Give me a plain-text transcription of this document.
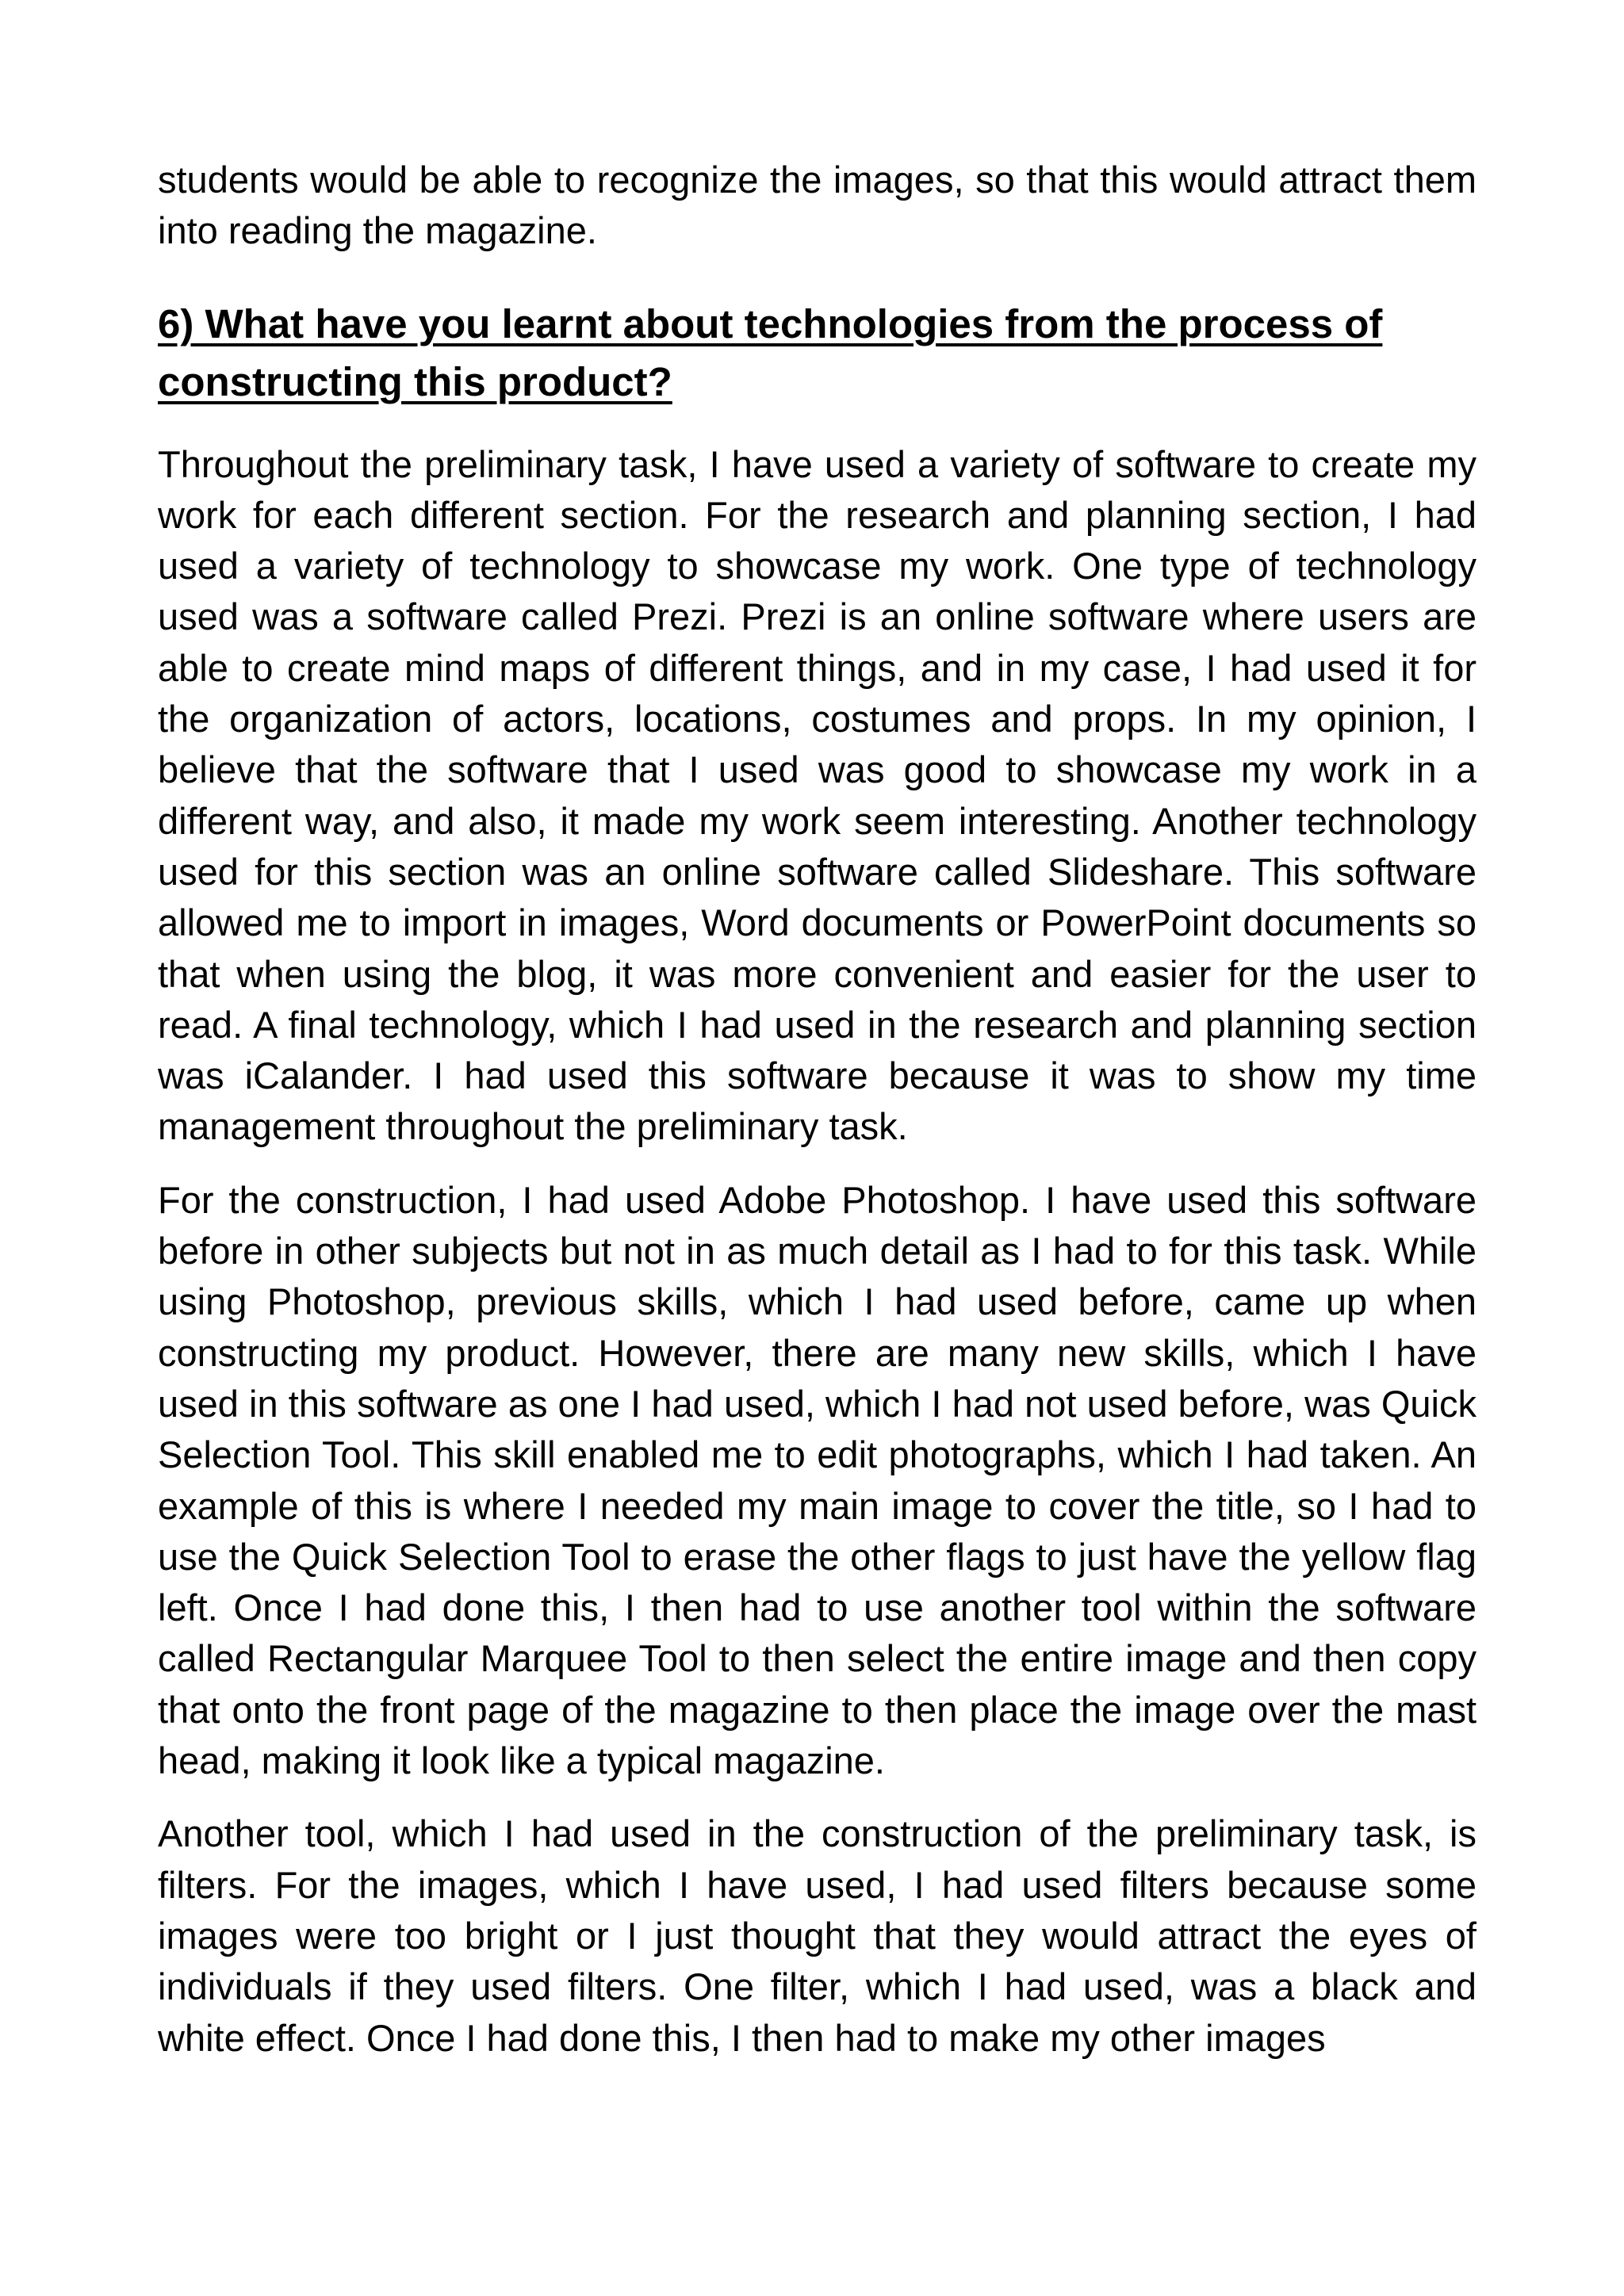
students would be able to recognize the images, so that this would attract them into reading the magazine.

6) What have you learnt about technologies from the process of constructing this product?

Throughout the preliminary task, I have used a variety of software to create my work for each different section. For the research and planning section, I had used a variety of technology to showcase my work. One type of technology used was a software called Prezi. Prezi is an online software where users are able to create mind maps of different things, and in my case, I had used it for the organization of actors, locations, costumes and props. In my opinion, I believe that the software that I used was good to showcase my work in a different way, and also, it made my work seem interesting. Another technology used for this section was an online software called Slideshare. This software allowed me to import in images, Word documents or PowerPoint documents so that when using the blog, it was more convenient and easier for the user to read. A final technology, which I had used in the research and planning section was iCalander. I had used this software because it was to show my time management throughout the preliminary task.

For the construction, I had used Adobe Photoshop. I have used this software before in other subjects but not in as much detail as I had to for this task. While using Photoshop, previous skills, which I had used before, came up when constructing my product. However, there are many new skills, which I have used in this software as one I had used, which I had not used before, was Quick Selection Tool. This skill enabled me to edit photographs, which I had taken. An example of this is where I needed my main image to cover the title, so I had to use the Quick Selection Tool to erase the other flags to just have the yellow flag left. Once I had done this, I then had to use another tool within the software called Rectangular Marquee Tool to then select the entire image and then copy that onto the front page of the magazine to then place the image over the mast head, making it look like a typical magazine.

Another tool, which I had used in the construction of the preliminary task, is filters. For the images, which I have used, I had used filters because some images were too bright or I just thought that they would attract the eyes of individuals if they used filters. One filter, which I had used, was a black and white effect. Once I had done this, I then had to make my other images
